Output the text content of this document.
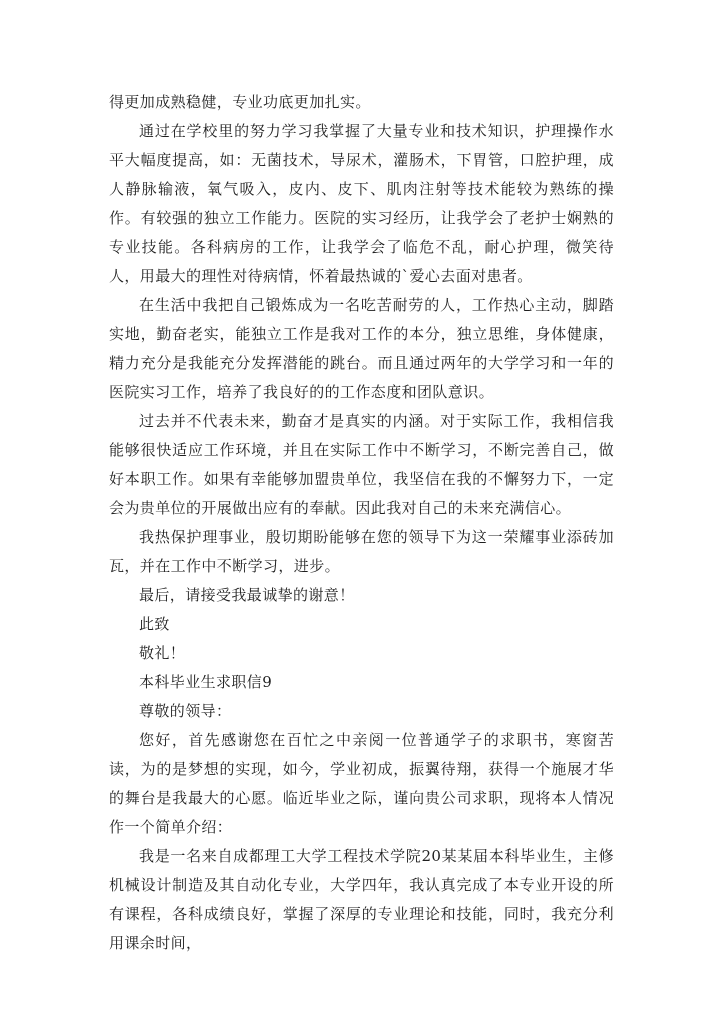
得更加成熟稳健，专业功底更加扎实。

通过在学校里的努力学习我掌握了大量专业和技术知识，护理操作水平大幅度提高，如：无菌技术，导尿术，灌肠术，下胃管，口腔护理，成人静脉输液，氧气吸入，皮内、皮下、肌肉注射等技术能较为熟练的操作。有较强的独立工作能力。医院的实习经历，让我学会了老护士娴熟的专业技能。各科病房的工作，让我学会了临危不乱，耐心护理，微笑待人，用最大的理性对待病情，怀着最热诚的`爱心去面对患者。

在生活中我把自己锻炼成为一名吃苦耐劳的人，工作热心主动，脚踏实地，勤奋老实，能独立工作是我对工作的本分，独立思维，身体健康，精力充分是我能充分发挥潜能的跳台。而且通过两年的大学学习和一年的医院实习工作，培养了我良好的的工作态度和团队意识。

过去并不代表未来，勤奋才是真实的内涵。对于实际工作，我相信我能够很快适应工作环境，并且在实际工作中不断学习，不断完善自己，做好本职工作。如果有幸能够加盟贵单位，我坚信在我的不懈努力下，一定会为贵单位的开展做出应有的奉献。因此我对自己的未来充满信心。

我热保护理事业，殷切期盼能够在您的领导下为这一荣耀事业添砖加瓦，并在工作中不断学习，进步。

最后，请接受我最诚挚的谢意！

此致

敬礼！

本科毕业生求职信9

尊敬的领导：

您好，首先感谢您在百忙之中亲阅一位普通学子的求职书，寒窗苦读，为的是梦想的实现，如今，学业初成，振翼待翔，获得一个施展才华的舞台是我最大的心愿。临近毕业之际，谨向贵公司求职，现将本人情况作一个简单介绍：

我是一名来自成都理工大学工程技术学院20某某届本科毕业生，主修机械设计制造及其自动化专业，大学四年，我认真完成了本专业开设的所有课程，各科成绩良好，掌握了深厚的专业理论和技能，同时，我充分利用课余时间，
